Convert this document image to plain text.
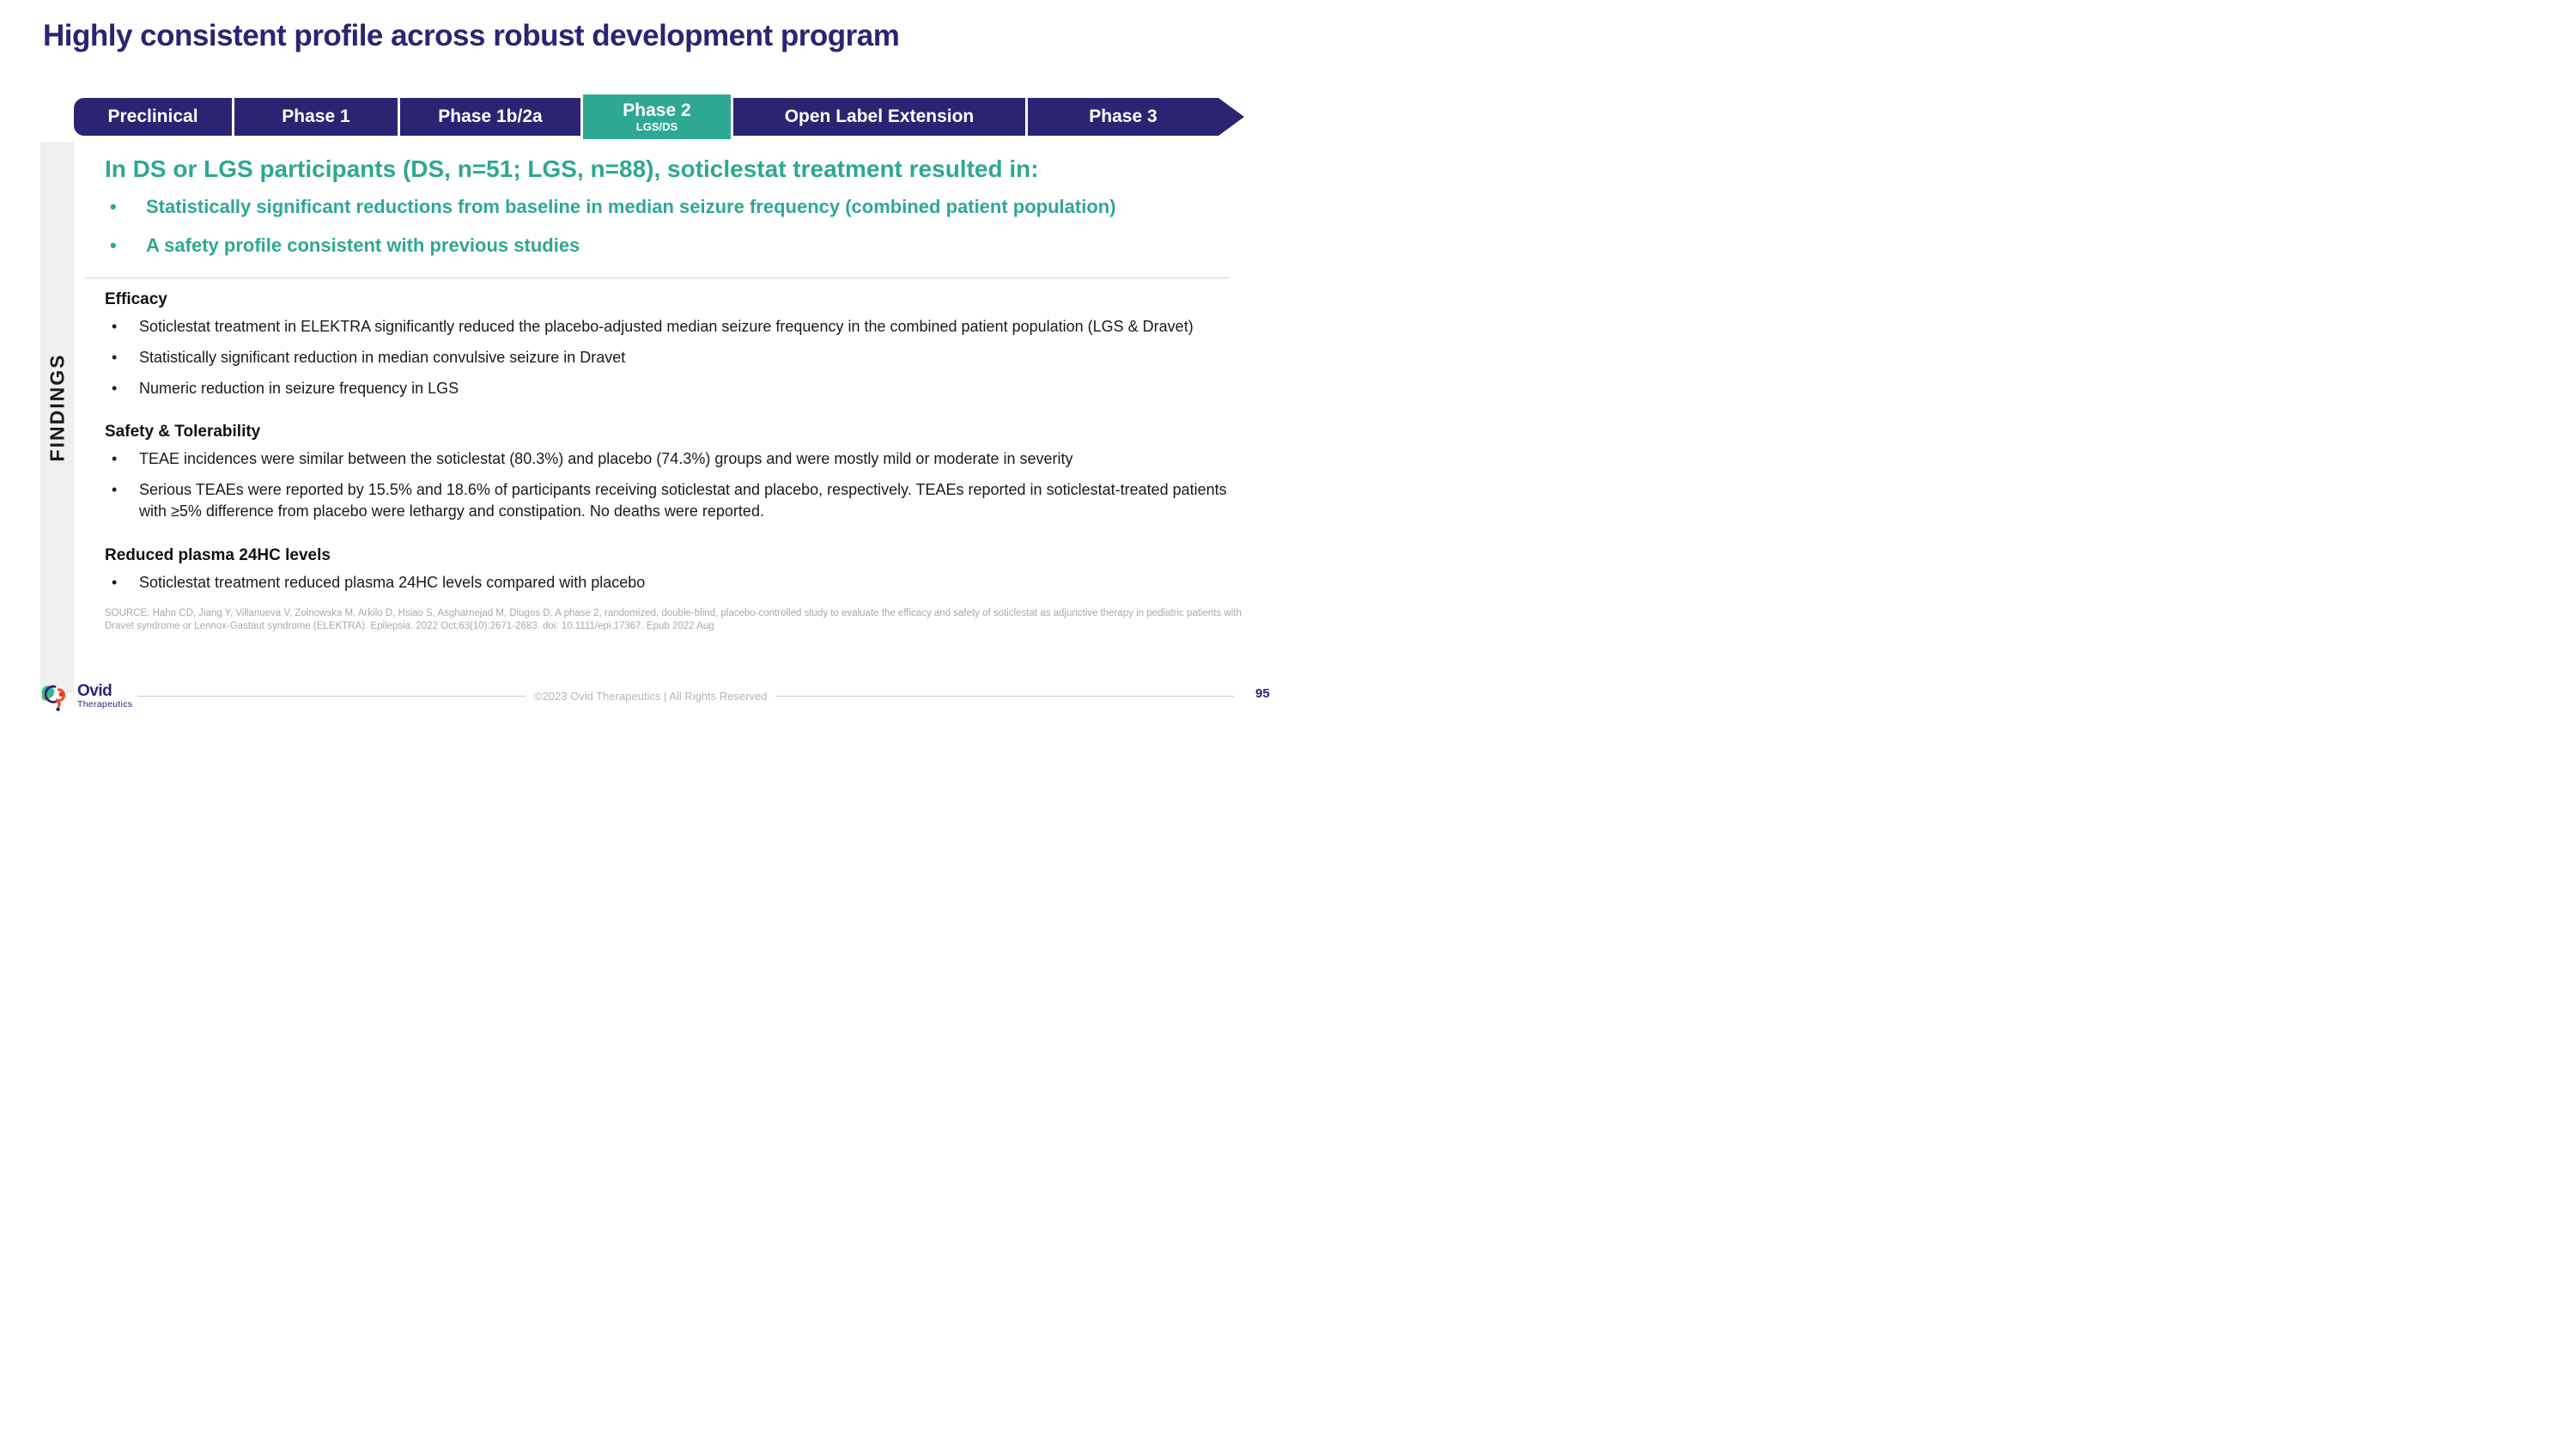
Highly consistent profile across robust development program
Preclinical	Phase 1	Phase 1b/2a	Phase 2
LGS/DS
Open Label Extension	Phase 3
FINDINGS
In DS or LGS participants (DS, n=51; LGS, n=88), soticlestat treatment resulted in:
• Statistically significant reductions from baseline in median seizure frequency (combined patient population)
• A safety profile consistent with previous studies
Efficacy
• Soticlestat treatment in ELEKTRA significantly reduced the placebo-adjusted median seizure frequency in the combined patient population (LGS & Dravet)
• Statistically significant reduction in median convulsive seizure in Dravet
• Numeric reduction in seizure frequency in LGS
Safety & Tolerability
• TEAE incidences were similar between the soticlestat (80.3%) and placebo (74.3%) groups and were mostly mild or moderate in severity
• Serious TEAEs were reported by 15.5% and 18.6% of participants receiving soticlestat and placebo, respectively. TEAEs reported in soticlestat-treated patients with ≥5% difference from placebo were lethargy and constipation. No deaths were reported.
Reduced plasma 24HC levels
• Soticlestat treatment reduced plasma 24HC levels compared with placebo
SOURCE: Hahn CD, Jiang Y, Villanueva V, Zolnowska M, Arkilo D, Hsiao S, Asgharnejad M, Dlugos D. A phase 2, randomized, double-blind, placebo-controlled study to evaluate the efficacy and safety of soticlestat as adjunctive therapy in pediatric patients with Dravet syndrome or Lennox-Gastaut syndrome (ELEKTRA). Epilepsia. 2022 Oct;63(10):2671-2683. doi: 10.1111/epi.17367. Epub 2022 Aug
Ovid
Therapeutics
©2023 Ovid Therapeutics | All Rights Reserved	95
